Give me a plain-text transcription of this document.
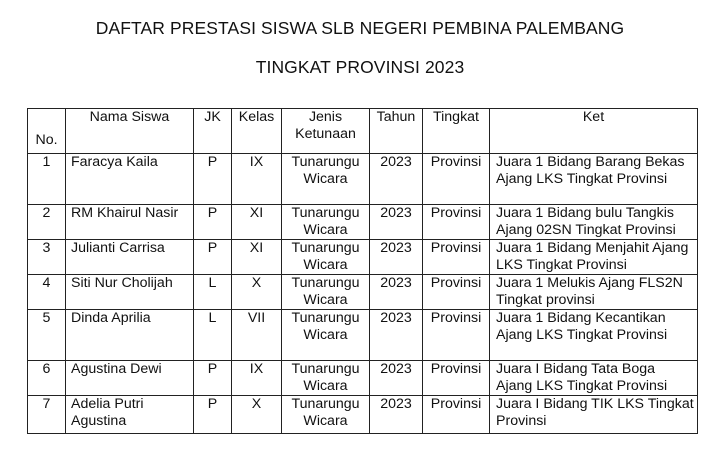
DAFTAR PRESTASI SISWA SLB NEGERI PEMBINA PALEMBANG
TINGKAT PROVINSI 2023
No.	Nama Siswa	JK	Kelas	Jenis Ketunaan	Tahun	Tingkat	Ket
1	Faracya Kaila	P	IX	Tunarungu Wicara	2023	Provinsi	Juara 1 Bidang Barang Bekas Ajang LKS Tingkat Provinsi
2	RM Khairul Nasir	P	XI	Tunarungu Wicara	2023	Provinsi	Juara 1 Bidang bulu Tangkis Ajang 02SN Tingkat Provinsi
3	Julianti Carrisa	P	XI	Tunarungu Wicara	2023	Provinsi	Juara 1 Bidang Menjahit Ajang LKS Tingkat Provinsi
4	Siti Nur Cholijah	L	X	Tunarungu Wicara	2023	Provinsi	Juara 1 Melukis Ajang FLS2N Tingkat provinsi
5	Dinda Aprilia	L	VII	Tunarungu Wicara	2023	Provinsi	Juara 1 Bidang Kecantikan Ajang LKS Tingkat Provinsi
6	Agustina Dewi	P	IX	Tunarungu Wicara	2023	Provinsi	Juara I Bidang Tata Boga Ajang LKS Tingkat Provinsi
7	Adelia Putri Agustina	P	X	Tunarungu Wicara	2023	Provinsi	Juara I Bidang TIK LKS Tingkat Provinsi
